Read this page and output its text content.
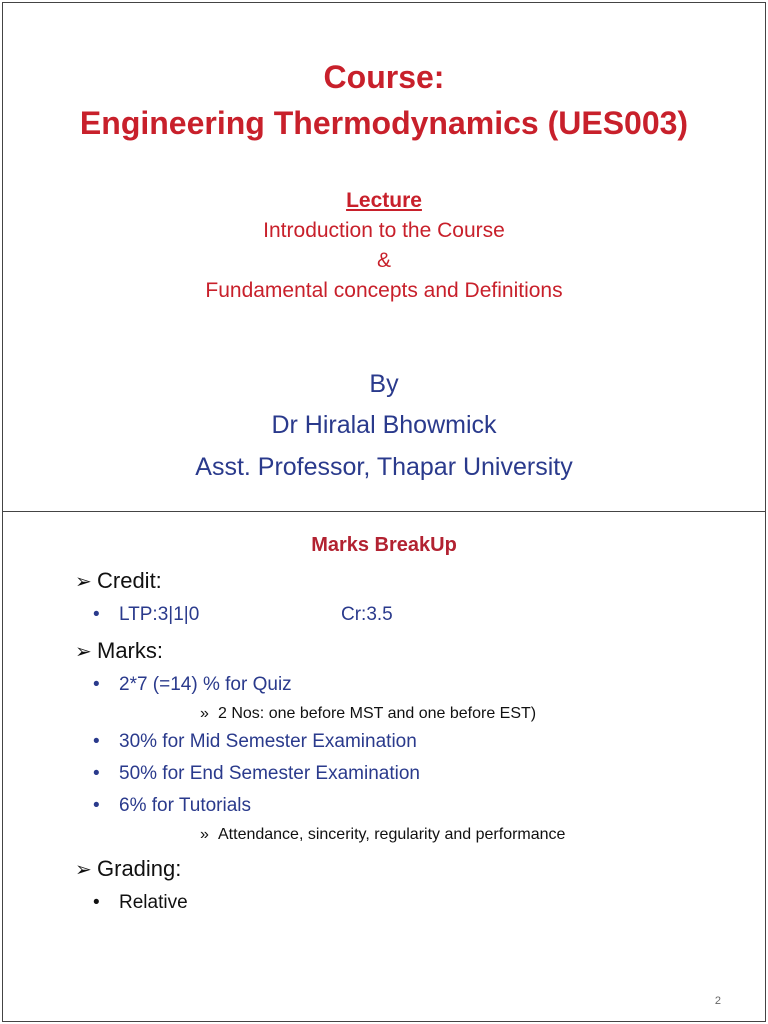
Course:
Engineering Thermodynamics (UES003)
Lecture
Introduction to the Course
&
Fundamental concepts and Definitions
By
Dr Hiralal Bhowmick
Asst. Professor, Thapar University
Marks BreakUp
➢ Credit:
• LTP:3|1|0	Cr:3.5
➢ Marks:
• 2*7 (=14) % for Quiz
» 2 Nos: one before MST and one before EST)
• 30% for Mid Semester Examination
• 50% for End Semester Examination
• 6% for Tutorials
» Attendance, sincerity, regularity and performance
➢ Grading:
• Relative
2
